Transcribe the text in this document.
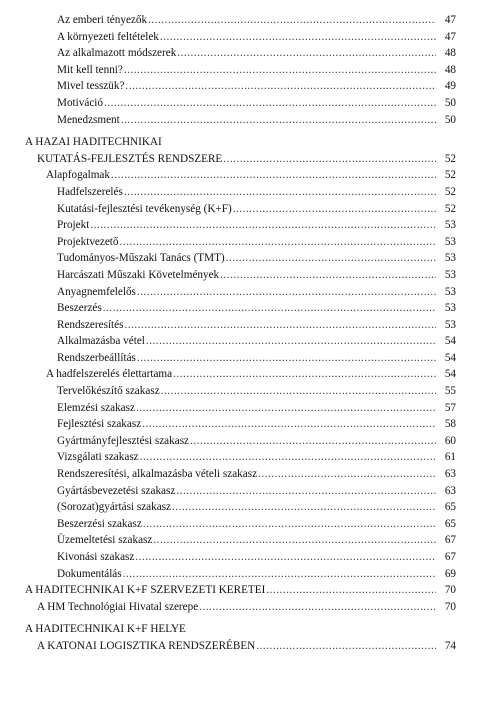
Az emberi tényezők .....	47
A környezeti feltételek .....	47
Az alkalmazott módszerek .....	48
Mit kell tenni? .....	48
Mivel tesszük? .....	49
Motiváció .....	50
Menedzsment .....	50
A HAZAI HADITECHNIKAI
KUTATÁS-FEJLESZTÉS RENDSZERE .....	52
Alapfogalmak .....	52
Hadfelszerelés .....	52
Kutatási-fejlesztési tevékenység (K+F) .....	52
Projekt .....	53
Projektvezető .....	53
Tudományos-Műszaki Tanács (TMT) .....	53
Harcászati Műszaki Követelmények .....	53
Anyagnemfelelős .....	53
Beszerzés .....	53
Rendszeresítés .....	53
Alkalmazásba vétel .....	54
Rendszerbeállítás .....	54
A hadfelszerelés élettartama .....	54
Tervelőkészítő szakasz .....	55
Elemzési szakasz .....	57
Fejlesztési szakasz .....	58
Gyártmányfejlesztési szakasz .....	60
Vizsgálati szakasz .....	61
Rendszeresítési, alkalmazásba vételi szakasz .....	63
Gyártásbevezetési szakasz .....	63
(Sorozat)gyártási szakasz .....	65
Beszerzési szakasz .....	65
Üzemeltetési szakasz .....	67
Kivonási szakasz .....	67
Dokumentálás .....	69
A HADITECHNIKAI K+F SZERVEZETI KERETEI .....	70
A HM Technológiai Hivatal szerepe .....	70
A HADITECHNIKAI K+F HELYE
A KATONAI LOGISZTIKA RENDSZERÉBEN .....	74
